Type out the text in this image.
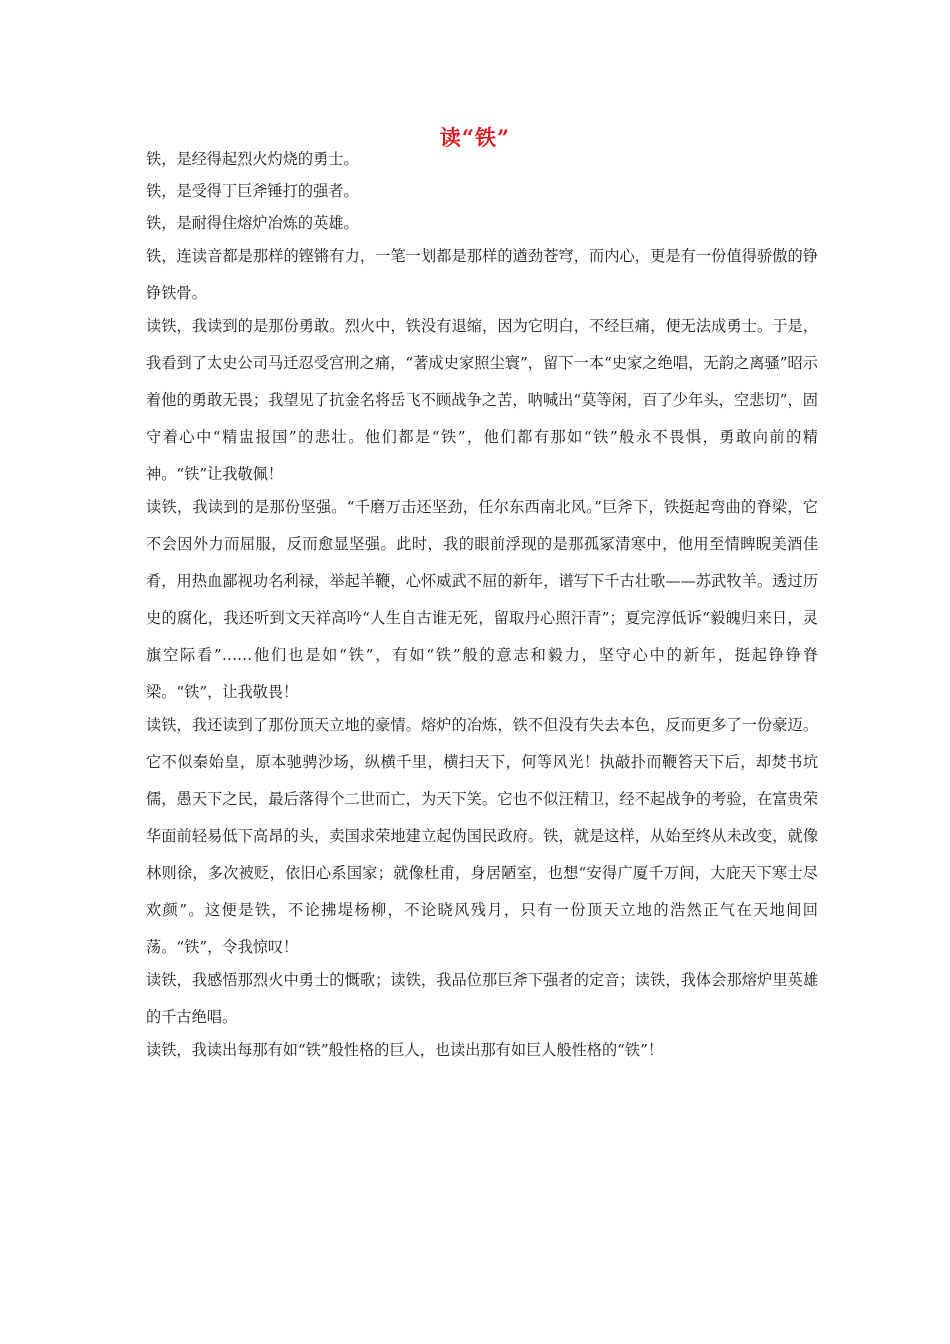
读“铁”

铁，是经得起烈火灼烧的勇士。

铁，是受得丁巨斧锤打的强者。

铁，是耐得住熔炉冶炼的英雄。

铁，连读音都是那样的铿锵有力，一笔一划都是那样的遒劲苍穹，而内心，更是有一份值得骄傲的铮铮铁骨。

读铁，我读到的是那份勇敢。烈火中，铁没有退缩，因为它明白，不经巨痛，便无法成勇士。于是，我看到了太史公司马迁忍受宫刑之痛，“著成史家照尘寰”，留下一本“史家之绝唱，无韵之离骚”昭示着他的勇敢无畏；我望见了抗金名将岳飞不顾战争之苦，呐喊出“莫等闲，百了少年头，空悲切”，固守着心中“精盅报国”的悲壮。他们都是“铁”，他们都有那如“铁”般永不畏惧，勇敢向前的精神。“铁”让我敬佩！

读铁，我读到的是那份坚强。“千磨万击还坚劲，任尔东西南北风。”巨斧下，铁挺起弯曲的脊梁，它不会因外力而屈服，反而愈显坚强。此时，我的眼前浮现的是那孤冢清寒中，他用至情睥睨美酒佳肴，用热血鄙视功名利禄，举起羊鞭，心怀威武不屈的新年，谱写下千古壮歌——苏武牧羊。透过历史的腐化，我还听到文天祥高吟“人生自古谁无死，留取丹心照汗青”；夏完淳低诉“毅魄归来日，灵旗空际看”……他们也是如“铁”，有如“铁”般的意志和毅力，坚守心中的新年，挺起铮铮脊梁。“铁”，让我敬畏！

读铁，我还读到了那份顶天立地的豪情。熔炉的冶炼，铁不但没有失去本色，反而更多了一份豪迈。它不似秦始皇，原本驰骋沙场，纵横千里，横扫天下，何等风光！执敲扑而鞭笞天下后，却焚书坑儒，愚天下之民，最后落得个二世而亡，为天下笑。它也不似汪精卫，经不起战争的考验，在富贵荣华面前轻易低下高昂的头，卖国求荣地建立起伪国民政府。铁，就是这样，从始至终从未改变，就像林则徐，多次被贬，依旧心系国家；就像杜甫，身居陋室，也想“安得广厦千万间，大庇天下寒士尽欢颜”。这便是铁，不论拂堤杨柳，不论晓风残月，只有一份顶天立地的浩然正气在天地间回荡。“铁”，令我惊叹！

读铁，我感悟那烈火中勇士的慨歌；读铁，我品位那巨斧下强者的定音；读铁，我体会那熔炉里英雄的千古绝唱。

读铁，我读出每那有如“铁”般性格的巨人，也读出那有如巨人般性格的“铁”！
